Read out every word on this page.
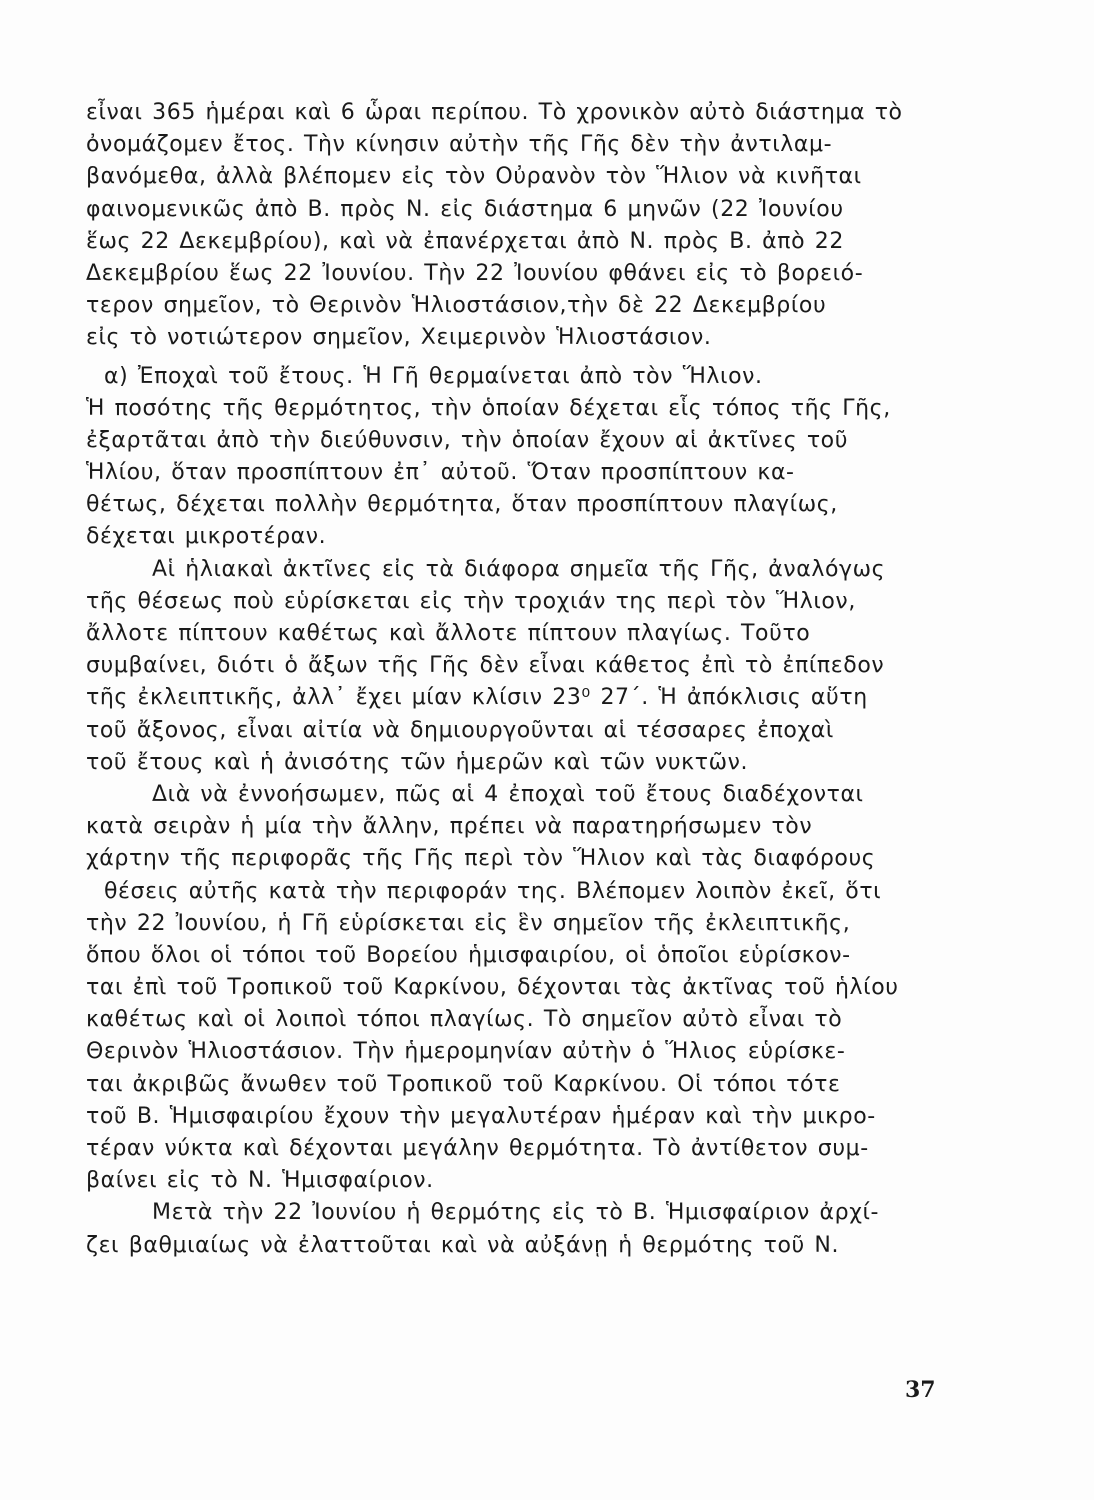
εἶναι 365 ἡμέραι καὶ 6 ὧραι περίπου. Τὸ χρονικὸν αὐτὸ διάστημα τὸ
ὀνομάζομεν ἔτος. Τὴν κίνησιν αὐτὴν τῆς Γῆς δὲν τὴν ἀντιλαμ-
βανόμεθα, ἀλλὰ βλέπομεν εἰς τὸν Οὐρανὸν τὸν Ἥλιον νὰ κινῆται
φαινομενικῶς ἀπὸ Β. πρὸς Ν. εἰς διάστημα 6 μηνῶν (22 Ἰουνίου
ἕως 22 Δεκεμβρίου), καὶ νὰ ἐπανέρχεται ἀπὸ Ν. πρὸς Β. ἀπὸ 22
Δεκεμβρίου ἕως 22 Ἰουνίου. Τὴν 22 Ἰουνίου φθάνει εἰς τὸ βορειό-
τερον σημεῖον, τὸ Θερινὸν Ἡλιοστάσιον,τὴν δὲ 22 Δεκεμβρίου
εἰς τὸ νοτιώτερον σημεῖον, Χειμερινὸν Ἡλιοστάσιον.
α) Ἐποχαὶ τοῦ ἔτους. Ἡ Γῆ θερμαίνεται ἀπὸ τὸν Ἥλιον.
Ἡ ποσότης τῆς θερμότητος, τὴν ὁποίαν δέχεται εἷς τόπος τῆς Γῆς,
ἐξαρτᾶται ἀπὸ τὴν διεύθυνσιν, τὴν ὁποίαν ἔχουν αἱ ἀκτῖνες τοῦ
Ἡλίου, ὅταν προσπίπτουν ἐπ᾽ αὐτοῦ. Ὅταν προσπίπτουν κα-
θέτως, δέχεται πολλὴν θερμότητα, ὅταν προσπίπτουν πλαγίως,
δέχεται μικροτέραν.
Αἱ ἡλιακαὶ ἀκτῖνες εἰς τὰ διάφορα σημεῖα τῆς Γῆς, ἀναλόγως
τῆς θέσεως ποὺ εὑρίσκεται εἰς τὴν τροχιάν της περὶ τὸν Ἥλιον,
ἄλλοτε πίπτουν καθέτως καὶ ἄλλοτε πίπτουν πλαγίως. Τοῦτο
συμβαίνει, διότι ὁ ἄξων τῆς Γῆς δὲν εἶναι κάθετος ἐπὶ τὸ ἐπίπεδον
τῆς ἐκλειπτικῆς, ἀλλ᾽ ἔχει μίαν κλίσιν 23⁰ 27΄. Ἡ ἀπόκλισις αὕτη
τοῦ ἄξονος, εἶναι αἰτία νὰ δημιουργοῦνται αἱ τέσσαρες ἐποχαὶ
τοῦ ἔτους καὶ ἡ ἀνισότης τῶν ἡμερῶν καὶ τῶν νυκτῶν.
Διὰ νὰ ἐννοήσωμεν, πῶς αἱ 4 ἐποχαὶ τοῦ ἔτους διαδέχονται
κατὰ σειρὰν ἡ μία τὴν ἄλλην, πρέπει νὰ παρατηρήσωμεν τὸν
χάρτην τῆς περιφορᾶς τῆς Γῆς περὶ τὸν Ἥλιον καὶ τὰς διαφόρους
θέσεις αὐτῆς κατὰ τὴν περιφοράν της. Βλέπομεν λοιπὸν ἐκεῖ, ὅτι
τὴν 22 Ἰουνίου, ἡ Γῆ εὑρίσκεται εἰς ἓν σημεῖον τῆς ἐκλειπτικῆς,
ὅπου ὅλοι οἱ τόποι τοῦ Βορείου ἡμισφαιρίου, οἱ ὁποῖοι εὑρίσκον-
ται ἐπὶ τοῦ Τροπικοῦ τοῦ Καρκίνου, δέχονται τὰς ἀκτῖνας τοῦ ἡλίου
καθέτως καὶ οἱ λοιποὶ τόποι πλαγίως. Τὸ σημεῖον αὐτὸ εἶναι τὸ
Θερινὸν Ἡλιοστάσιον. Τὴν ἡμερομηνίαν αὐτὴν ὁ Ἥλιος εὑρίσκε-
ται ἀκριβῶς ἄνωθεν τοῦ Τροπικοῦ τοῦ Καρκίνου. Οἱ τόποι τότε
τοῦ Β. Ἡμισφαιρίου ἔχουν τὴν μεγαλυτέραν ἡμέραν καὶ τὴν μικρο-
τέραν νύκτα καὶ δέχονται μεγάλην θερμότητα. Τὸ ἀντίθετον συμ-
βαίνει εἰς τὸ Ν. Ἡμισφαίριον.
Μετὰ τὴν 22 Ἰουνίου ἡ θερμότης εἰς τὸ Β. Ἡμισφαίριον ἀρχί-
ζει βαθμιαίως νὰ ἐλαττοῦται καὶ νὰ αὐξάνῃ ἡ θερμότης τοῦ Ν.
37
